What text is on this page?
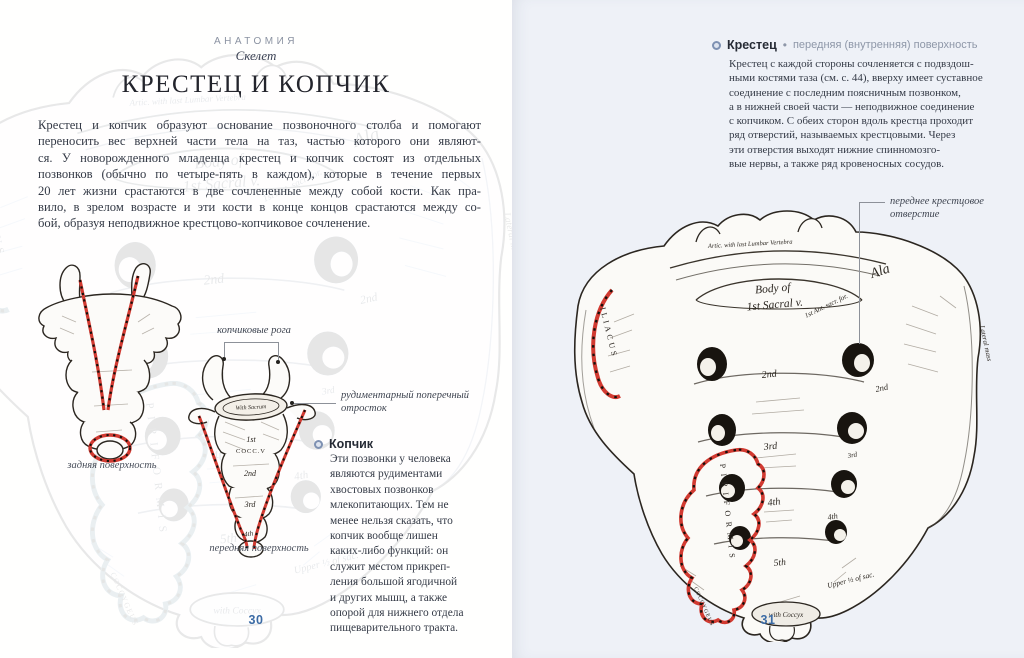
АНАТОМИЯ
Скелет
КРЕСТЕЦ И КОПЧИК
Крестец и копчик образуют основание позвоночного столба и помогают
переносить вес верхней части тела на таз, частью которого они являют-
ся. У новорожденного младенца крестец и копчик состоят из отдельных
позвонков (обычно по четыре-пять в каждом), которые в течение первых
20 лет жизни срастаются в две сочлененные между собой кости. Как пра-
вило, в зрелом возрасте и эти кости в конце концов срастаются между со-
бой, образуя неподвижное крестцово-копчиковое сочленение.
задняя поверхность
With Sacrum
1st
COCC.V
2nd
3rd
4th
передняя поверхность
копчиковые рога
рудиментарный поперечный
отросток
Копчик
Эти позвонки у человека
являются рудиментами
хвостовых позвонков
млекопитающих. Тем не
менее нельзя сказать, что
копчик вообще лишен
каких-либо функций: он
служит местом прикреп-
ления большой ягодичной
и других мышц, а также
опорой для нижнего отдела
пищеварительного тракта.
30
Крестец • передняя (внутренняя) поверхность
Крестец с каждой стороны сочленяется с подвздош-
ными костями таза (см. с. 44), вверху имеет суставное
соединение с последним поясничным позвонком,
а в нижней своей части — неподвижное соединение
с копчиком. С обеих сторон вдоль крестца проходит
ряд отверстий, называемых крестцовыми. Через
эти отверстия выходят нижние спинномозго-
вые нервы, а также ряд кровеносных сосудов.
переднее крестцовое
отверстие
31
